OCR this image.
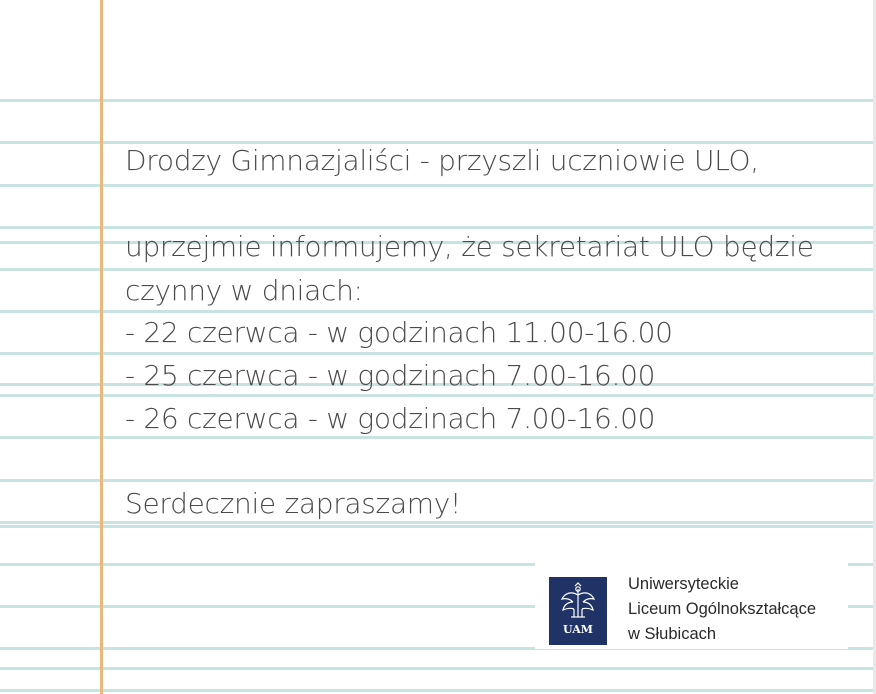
Drodzy Gimnazjaliści - przyszli uczniowie ULO,
uprzejmie informujemy, że sekretariat ULO będzie
czynny w dniach:
- 22 czerwca - w godzinach 11.00-16.00
- 25 czerwca - w godzinach 7.00-16.00
- 26 czerwca - w godzinach 7.00-16.00
Serdecznie zapraszamy!
UAM
Uniwersyteckie
Liceum Ogólnokształcące
w Słubicach
